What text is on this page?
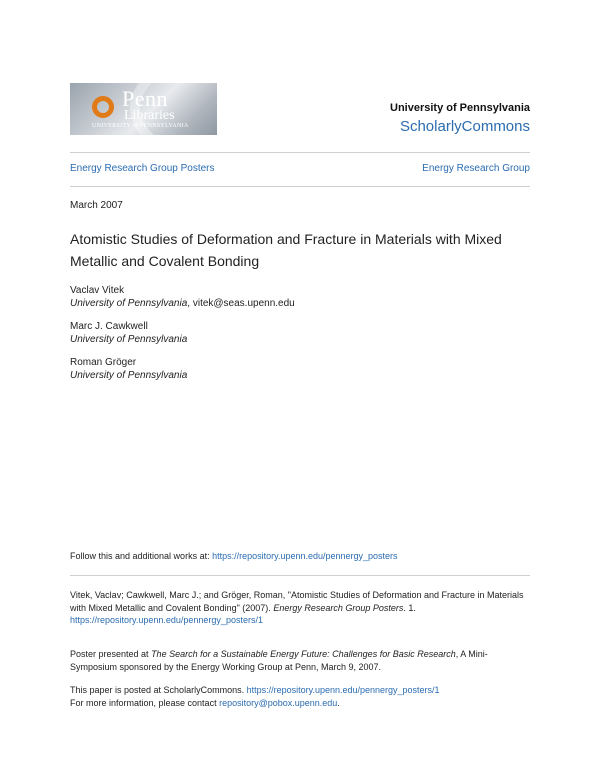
Penn
Libraries
UNIVERSITY of PENNSYLVANIA
University of Pennsylvania
ScholarlyCommons
Energy Research Group Posters	Energy Research Group
March 2007
Atomistic Studies of Deformation and Fracture in Materials with Mixed Metallic and Covalent Bonding
Vaclav Vitek
University of Pennsylvania, vitek@seas.upenn.edu
Marc J. Cawkwell
University of Pennsylvania
Roman Gröger
University of Pennsylvania
Follow this and additional works at: https://repository.upenn.edu/pennergy_posters
Vitek, Vaclav; Cawkwell, Marc J.; and Gröger, Roman, "Atomistic Studies of Deformation and Fracture in Materials with Mixed Metallic and Covalent Bonding" (2007). Energy Research Group Posters. 1.
https://repository.upenn.edu/pennergy_posters/1
Poster presented at The Search for a Sustainable Energy Future: Challenges for Basic Research, A Mini-Symposium sponsored by the Energy Working Group at Penn, March 9, 2007.
This paper is posted at ScholarlyCommons. https://repository.upenn.edu/pennergy_posters/1
For more information, please contact repository@pobox.upenn.edu.
